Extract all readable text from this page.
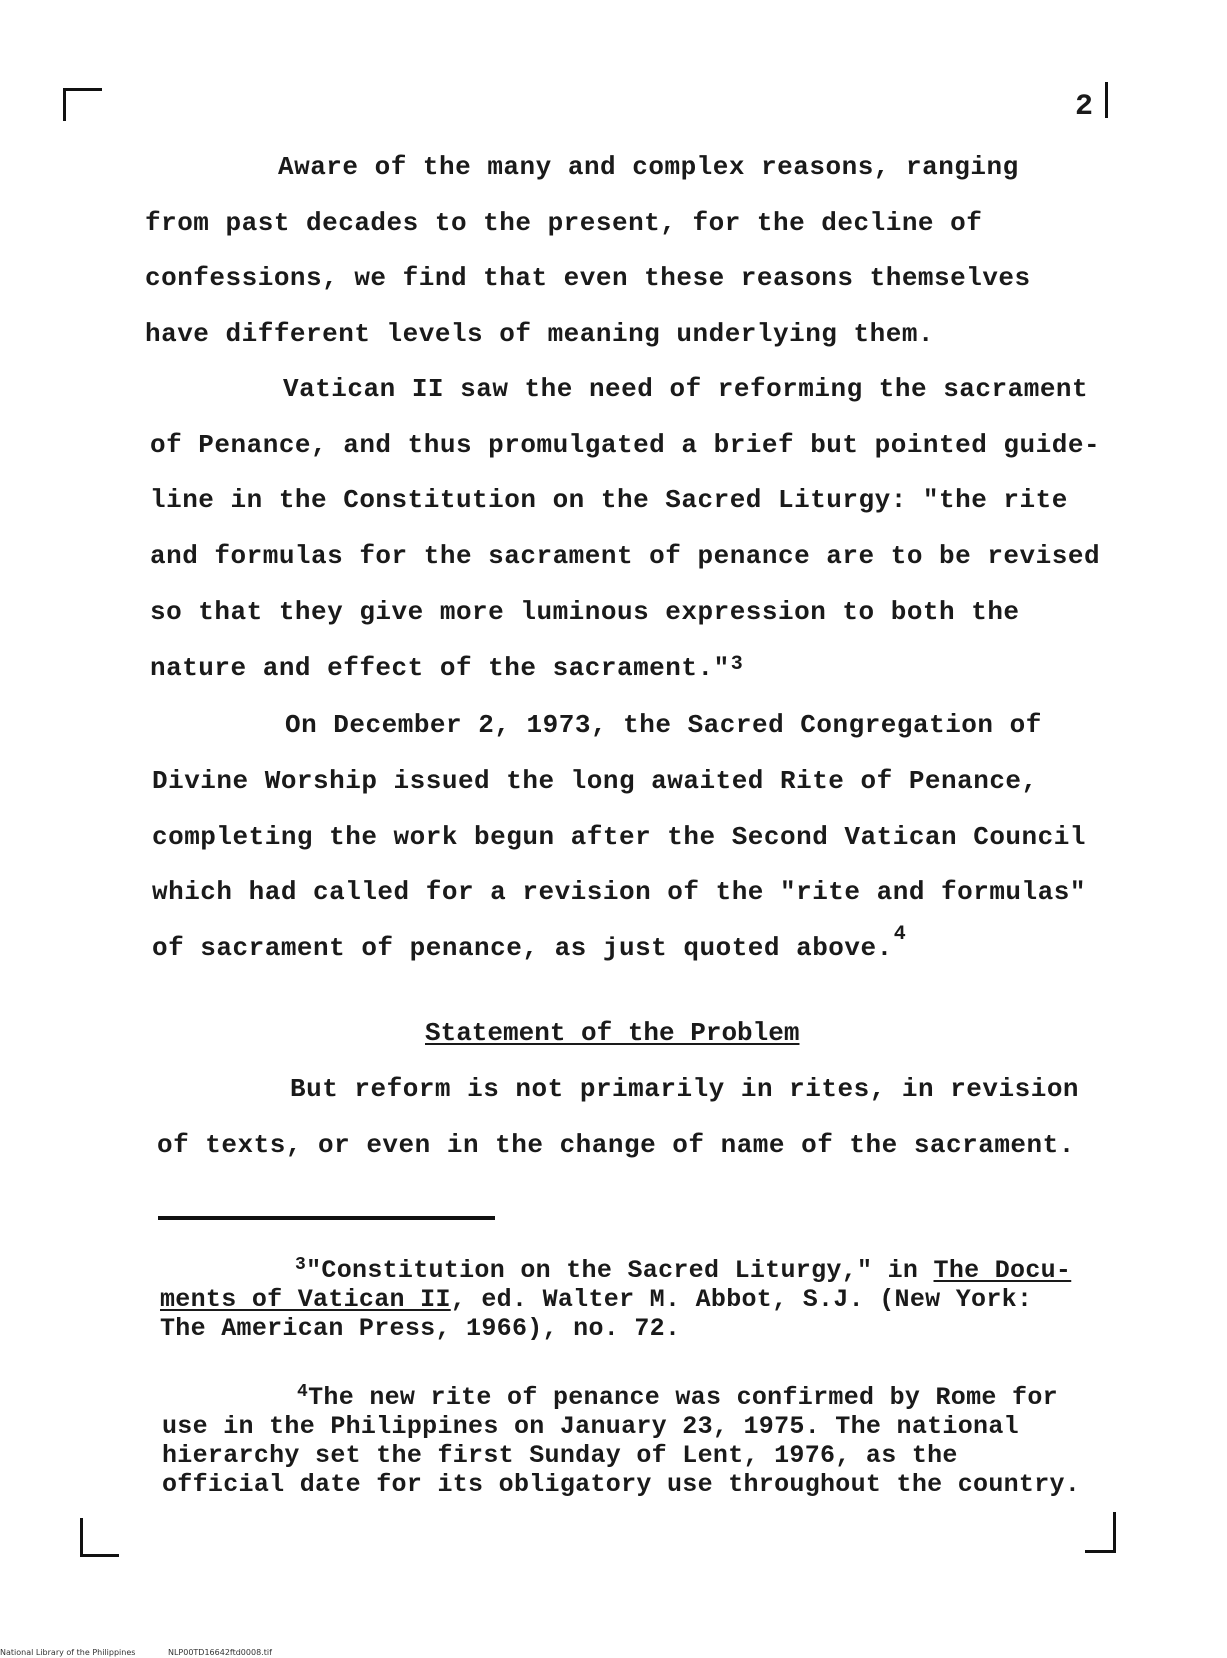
2
Aware of the many and complex reasons, ranging
from past decades to the present, for the decline of
confessions, we find that even these reasons themselves
have different levels of meaning underlying them.
Vatican II saw the need of reforming the sacrament
of Penance, and thus promulgated a brief but pointed guide-
line in the Constitution on the Sacred Liturgy: "the rite
and formulas for the sacrament of penance are to be revised
so that they give more luminous expression to both the
nature and effect of the sacrament."$^3$
On December 2, 1973, the Sacred Congregation of
Divine Worship issued the long awaited Rite of Penance,
completing the work begun after the Second Vatican Council
which had called for a revision of the "rite and formulas"
of sacrament of penance, as just quoted above.$^4$
Statement of the Problem
But reform is not primarily in rites, in revision
of texts, or even in the change of name of the sacrament.
$^3$"Constitution on the Sacred Liturgy," in The Docu-
ments of Vatican II, ed. Walter M. Abbot, S.J. (New York:
The American Press, 1966), no. 72.
$^4$The new rite of penance was confirmed by Rome for
use in the Philippines on January 23, 1975. The national
hierarchy set the first Sunday of Lent, 1976, as the
official date for its obligatory use throughout the country.
National Library of the Philippines	NLP00TD16642ftd0008.tif
